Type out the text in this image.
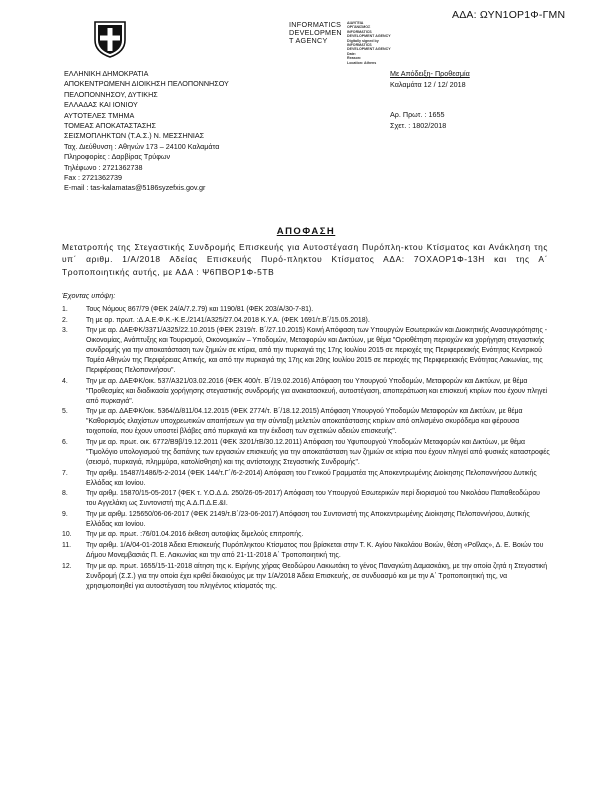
ΑΔΑ: ΩΥΝ1ΟΡ1Φ-ΓΜΝ
INFORMATICS
DEVELOPMEN
T AGENCY
ΔΙΑΥΓΕΙΑ
ΟΡΓΑΝΙΣΜΟΣ
INFORMATICS
DEVELOPMENT AGENCY
Digitally signed by
INFORMATICS
DEVELOPMENT AGENCY
Date:
Reason:
Location: Athens
ΕΛΛΗΝΙΚΗ ΔΗΜΟΚΡΑΤΙΑ
ΑΠΟΚΕΝΤΡΩΜΕΝΗ ΔΙΟΙΚΗΣΗ ΠΕΛΟΠΟΝΝΗΣΟΥ
ΠΕΛΟΠΟΝΝΗΣΟΥ, ΔΥΤΙΚΗΣ
ΕΛΛΑΔΑΣ ΚΑΙ ΙΟΝΙΟΥ
ΑΥΤΟΤΕΛΕΣ ΤΜΗΜΑ
ΤΟΜΕΑΣ ΑΠΟΚΑΤΑΣΤΑΣΗΣ
ΣΕΙΣΜΟΠΛΗΚΤΩΝ (Τ.Α.Σ.) Ν. ΜΕΣΣΗΝΙΑΣ
Ταχ. Διεύθυνση : Αθηνών 173 – 24100 Καλαμάτα
Πληροφορίες : Δαρβίρας Τρύφων
Τηλέφωνο : 2721362738
Fax : 2721362739
E-mail : tas-kalamatas@5186syzefxis.gov.gr
Με Απόδειξη- Προθεσμία
Καλαμάτα 12 / 12/ 2018
Αρ. Πρωτ. : 1655
Σχετ. : 1802/2018
ΑΠΟΦΑΣΗ
Μετατροπής της Στεγαστικής Συνδρομής Επισκευής για Αυτοστέγαση Πυρόπλη-κτου Κτίσματος και Ανάκληση της υπ΄ αριθμ. 1/Α/2018 Αδείας Επισκευής Πυρό-πληκτου Κτίσματος ΑΔΑ: 7ΟΧΑΟΡ1Φ-13Η και της Α΄ Τροποποιητικής αυτής, με ΑΔΑ : Ψ6ΠΒΟΡ1Φ-5ΤΒ
Έχοντας υπόψη:
1.	Τους Νόμους 867/79 (ΦΕΚ 24/Α/7.2.79) και 1190/81 (ΦΕΚ 203/Α/30-7-81).
2.	Τη με αρ. πρωτ. :Δ.Α.Ε.Φ.Κ.-Κ.Ε./2141/Α325/27.04.2018 Κ.Υ.Α. (ΦΕΚ 1691/τ.Β΄/15.05.2018).
3.	Την με αρ. ΔΑΕΦΚ/3371/Α325/22.10.2015 (ΦΕΚ 2319/τ. Β΄/27.10.2015) Κοινή Απόφαση των Υπουργών Εσωτερικών και Διοικητικής Ανασυγκρότησης - Οικονομίας, Ανάπτυξης και Τουρισμού, Οικονομικών – Υποδομών, Μεταφορών και Δικτύων, με θέμα "Οριοθέτηση περιοχών και χορήγηση στεγαστικής συνδρομής για την αποκατάσταση των ζημιών σε κτίρια, από την πυρκαγιά της 17ης Ιουλίου 2015 σε περιοχές της Περιφερειακής Ενότητας Κεντρικού Τομέα Αθηνών της Περιφέρειας Αττικής, και από την πυρκαγιά της 17ης και 20ης Ιουλίου 2015 σε περιοχές της Περιφερειακής Ενότητας Λακωνίας, της Περιφέρειας Πελοποννήσου".
4.	Την με αρ. ΔΑΕΦΚ/οικ. 537/Α321/03.02.2016 (ΦΕΚ 400/τ. Β΄/19.02.2016) Απόφαση του Υπουργού Υποδομών, Μεταφορών και Δικτύων, με θέμα "Προθεσμίες και διαδικασία χορήγησης στεγαστικής συνδρομής για ανακατασκευή, αυτοστέγαση, αποπεράτωση και επισκευή κτιρίων που έχουν πληγεί από πυρκαγιά".
5.	Την με αρ. ΔΑΕΦΚ/οικ. 5364/Δ/811/04.12.2015 (ΦΕΚ 2774/τ. Β΄/18.12.2015) Απόφαση Υπουργού Υποδομών Μεταφορών και Δικτύων, με θέμα "Καθορισμός ελαχίστων υποχρεωτικών απαιτήσεων για την σύνταξη μελετών αποκατάστασης κτιρίων από οπλισμένο σκυρόδεμα και φέρουσα τοιχοποιία, που έχουν υποστεί βλάβες από πυρκαγιά και την έκδοση των σχετικών αδειών επισκευής".
6.	Την με αρ. πρωτ. οικ. 6772/Β9β/19.12.2011 (ΦΕΚ 3201/τΒ/30.12.2011) Απόφαση του Υφυπουργού Υποδομών Μεταφορών και Δικτύων, με θέμα "Τιμολόγιο υπολογισμού της δαπάνης των εργασιών επισκευής για την αποκατάσταση των ζημιών σε κτίρια που έχουν πληγεί από φυσικές καταστροφές (σεισμό, πυρκαγιά, πλημμύρα, κατολίσθηση) και της αντίστοιχης Στεγαστικής Συνδρομής".
7.	Την αριθμ. 15487/1486/5-2-2014 (ΦΕΚ 144/τ.Γ΄/6-2-2014) Απόφαση του Γενικού Γραμματέα της Αποκεντρωμένης Διοίκησης Πελοποννήσου Δυτικής Ελλάδας και Ιονίου.
8.	Την αριθμ. 15870/15-05-2017 (ΦΕΚ τ. Υ.Ο.Δ.Δ. 250/26-05-2017) Απόφαση του Υπουργού Εσωτερικών περί διορισμού του Νικολάου Παπαθεοδώρου του Αγγελάκη ως Συντονιστή της Α.Δ.Π.Δ.Ε.&Ι.
9.	Την με αριθμ. 125650/06-06-2017 (ΦΕΚ 2149/τ.Β΄/23-06-2017) Απόφαση του Συντονιστή της Αποκεντρωμένης Διοίκησης Πελοποννήσου, Δυτικής Ελλάδας και Ιονίου.
10. Την με αρ. πρωτ. :76/01.04.2016 έκθεση αυτοψίας διμελούς επιτροπής.
11. Την αριθμ. 1/Α/04-01-2018 Άδεια Επισκευής Πυρόπληκτου Κτίσματος που βρίσκεται στην Τ. Κ. Αγίου Νικολάου Βοιών, θέση «Ροΐλας», Δ. Ε. Βοιών του Δήμου Μονεμβασιάς Π. Ε. Λακωνίας και την από 21-11-2018 Α΄ Τροποποιητική της.
12. Την με αρ. πρωτ. 1655/15-11-2018 αίτηση της κ. Ειρήνης χήρας Θεοδώρου Λακιωτάκη το γένος Παναγιώτη Δαμασκάκη, με την οποία ζητά η Στεγαστική Συνδρομή (Σ.Σ.) για την οποία έχει κριθεί δικαιούχος με την 1/Α/2018 Άδεια Επισκευής, σε συνδυασμό και με την Α΄ Τροποποιητική της, να χρησιμοποιηθεί για αυτοστέγαση του πληγέντος κτίσματός της.
